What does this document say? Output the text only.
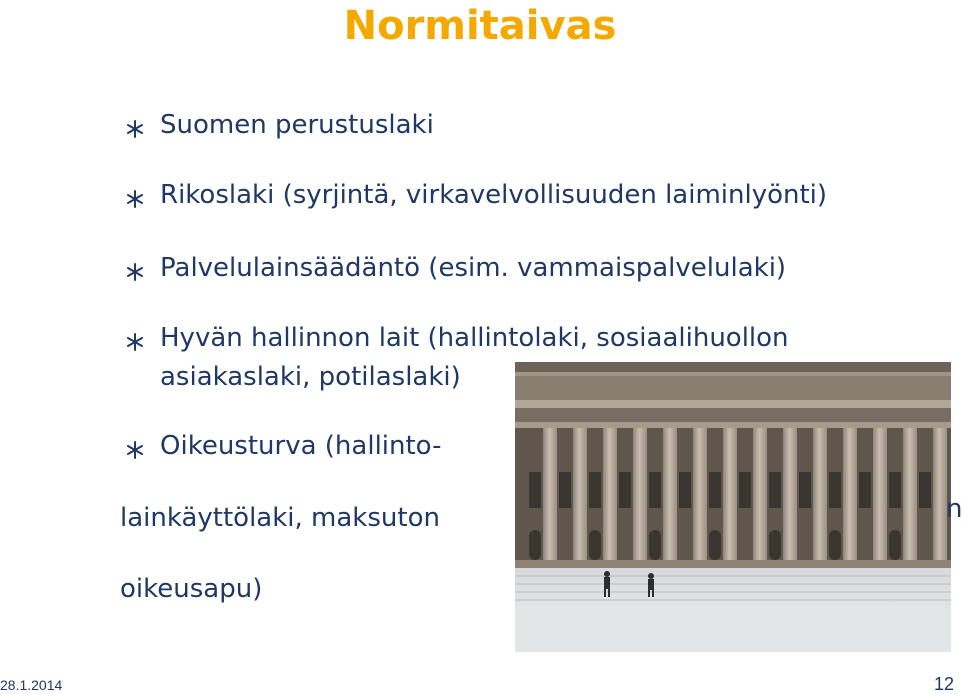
Normitaivas
Suomen perustuslaki
Rikoslaki (syrjintä, virkavelvollisuuden laiminlyönti)
Palvelulainsäädäntö (esim. vammaispalvelulaki)
Hyvän hallinnon lait (hallintolaki, sosiaalihuollon
asiakaslaki, potilaslaki)
Oikeusturva (hallinto-
lainkäyttölaki, maksuton
oikeusapu)
n
28.1.2014	12
